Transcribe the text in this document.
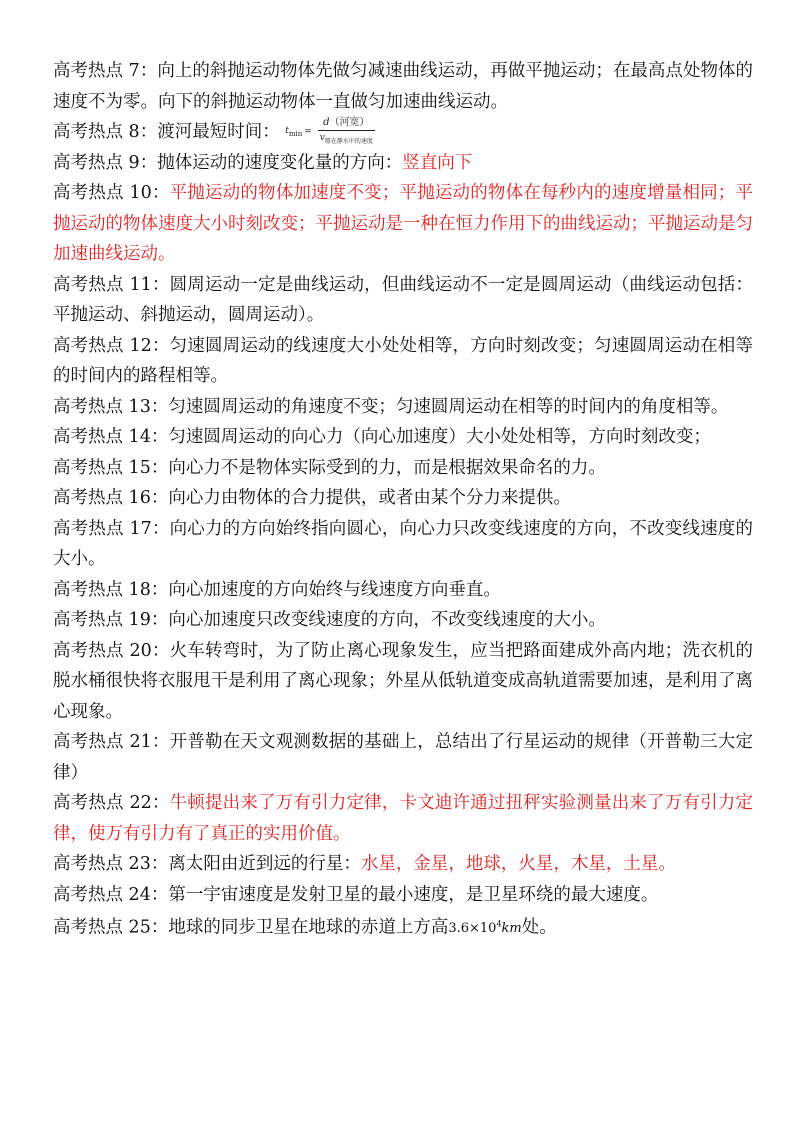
高考热点 7：向上的斜抛运动物体先做匀减速曲线运动，再做平抛运动；在最高点处物体的速度不为零。向下的斜抛运动物体一直做匀加速曲线运动。

高考热点 8：渡河最短时间： $t_{min} = \frac{\text{d（河宽）}}{v_{船在静水中的速度}}$

高考热点 9：抛体运动的速度变化量的方向：竖直向下

高考热点 10：平抛运动的物体加速度不变；平抛运动的物体在每秒内的速度增量相同；平抛运动的物体速度大小时刻改变；平抛运动是一种在恒力作用下的曲线运动；平抛运动是匀加速曲线运动。

高考热点 11：圆周运动一定是曲线运动，但曲线运动不一定是圆周运动（曲线运动包括：平抛运动、斜抛运动，圆周运动）。

高考热点 12：匀速圆周运动的线速度大小处处相等，方向时刻改变；匀速圆周运动在相等的时间内的路程相等。

高考热点 13：匀速圆周运动的角速度不变；匀速圆周运动在相等的时间内的角度相等。

高考热点 14：匀速圆周运动的向心力（向心加速度）大小处处相等，方向时刻改变；

高考热点 15：向心力不是物体实际受到的力，而是根据效果命名的力。

高考热点 16：向心力由物体的合力提供，或者由某个分力来提供。

高考热点 17：向心力的方向始终指向圆心，向心力只改变线速度的方向，不改变线速度的大小。

高考热点 18：向心加速度的方向始终与线速度方向垂直。

高考热点 19：向心加速度只改变线速度的方向，不改变线速度的大小。

高考热点 20：火车转弯时，为了防止离心现象发生，应当把路面建成外高内地；洗衣机的脱水桶很快将衣服甩干是利用了离心现象；外星从低轨道变成高轨道需要加速，是利用了离心现象。

高考热点 21：开普勒在天文观测数据的基础上，总结出了行星运动的规律（开普勒三大定律）

高考热点 22：牛顿提出来了万有引力定律，卡文迪许通过扭秤实验测量出来了万有引力定律，使万有引力有了真正的实用价值。

高考热点 23：离太阳由近到远的行星：水星，金星，地球，火星，木星，土星。

高考热点 24：第一宇宙速度是发射卫星的最小速度，是卫星环绕的最大速度。

高考热点 25：地球的同步卫星在地球的赤道上方高$3.6\times 10^4km$处。
